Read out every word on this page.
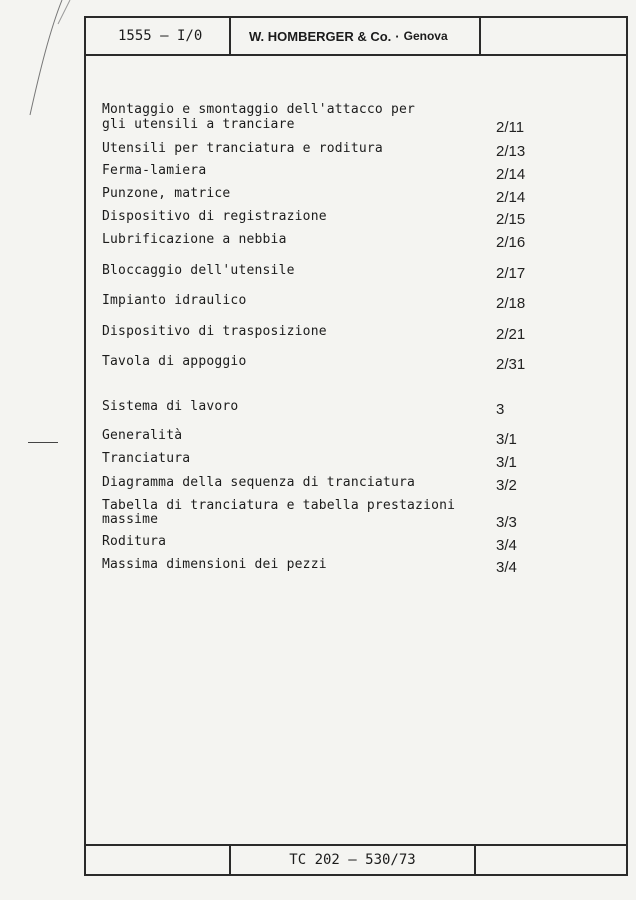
1555 – I/0	W. HOMBERGER & Co. · Genova
Montaggio e smontaggio dell'attacco per
gli utensili a tranciare	2/11
Utensili per tranciatura e roditura	2/13
Ferma-lamiera	2/14
Punzone, matrice	2/14
Dispositivo di registrazione	2/15
Lubrificazione a nebbia	2/16
Bloccaggio dell'utensile	2/17
Impianto idraulico	2/18
Dispositivo di trasposizione	2/21
Tavola di appoggio	2/31
Sistema di lavoro	3
Generalità	3/1
Tranciatura	3/1
Diagramma della sequenza di tranciatura	3/2
Tabella di tranciatura e tabella prestazioni
massime	3/3
Roditura	3/4
Massima dimensioni dei pezzi	3/4
TC 202 – 530/73
